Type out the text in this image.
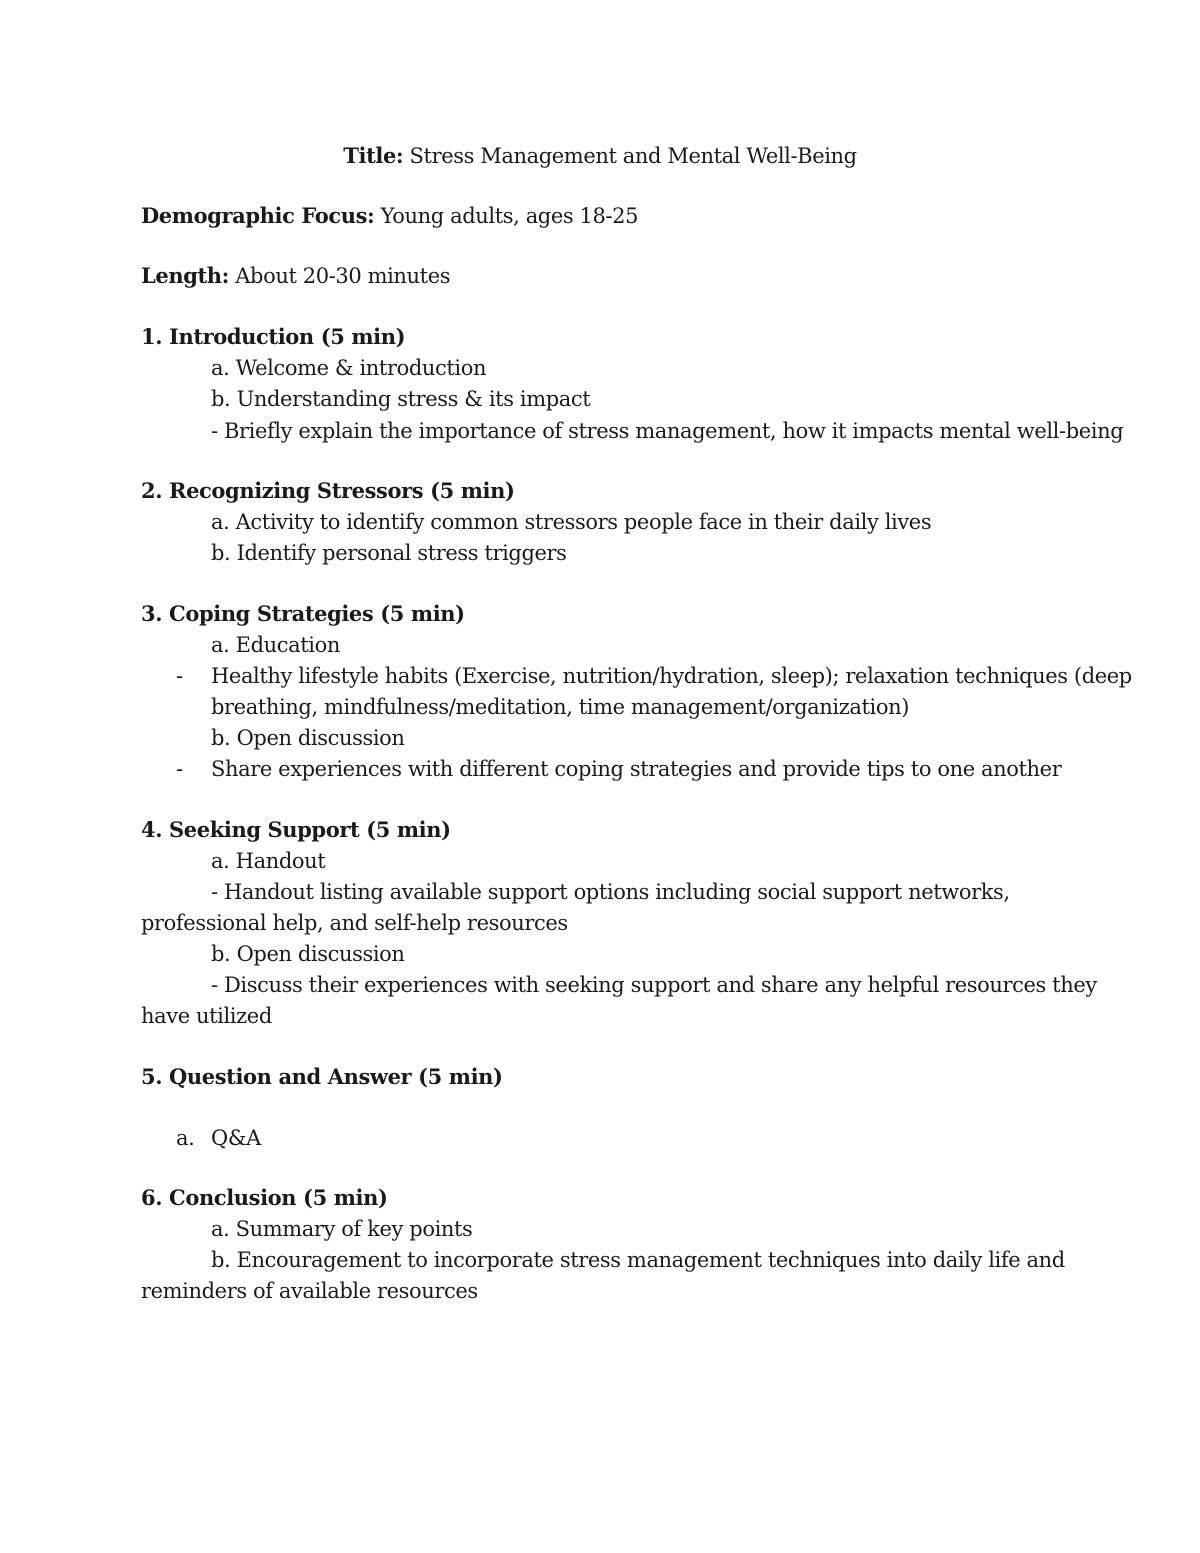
Title: Stress Management and Mental Well-Being
Demographic Focus: Young adults, ages 18-25
Length: About 20-30 minutes
1. Introduction (5 min)
a. Welcome & introduction
b. Understanding stress & its impact
- Briefly explain the importance of stress management, how it impacts mental well-being
2. Recognizing Stressors (5 min)
a. Activity to identify common stressors people face in their daily lives
b. Identify personal stress triggers
3. Coping Strategies (5 min)
a. Education
- Healthy lifestyle habits (Exercise, nutrition/hydration, sleep); relaxation techniques (deep
breathing, mindfulness/meditation, time management/organization)
b. Open discussion
- Share experiences with different coping strategies and provide tips to one another
4. Seeking Support (5 min)
a. Handout
- Handout listing available support options including social support networks,
professional help, and self-help resources
b. Open discussion
- Discuss their experiences with seeking support and share any helpful resources they
have utilized
5. Question and Answer (5 min)
a. Q&A
6. Conclusion (5 min)
a. Summary of key points
b. Encouragement to incorporate stress management techniques into daily life and
reminders of available resources
